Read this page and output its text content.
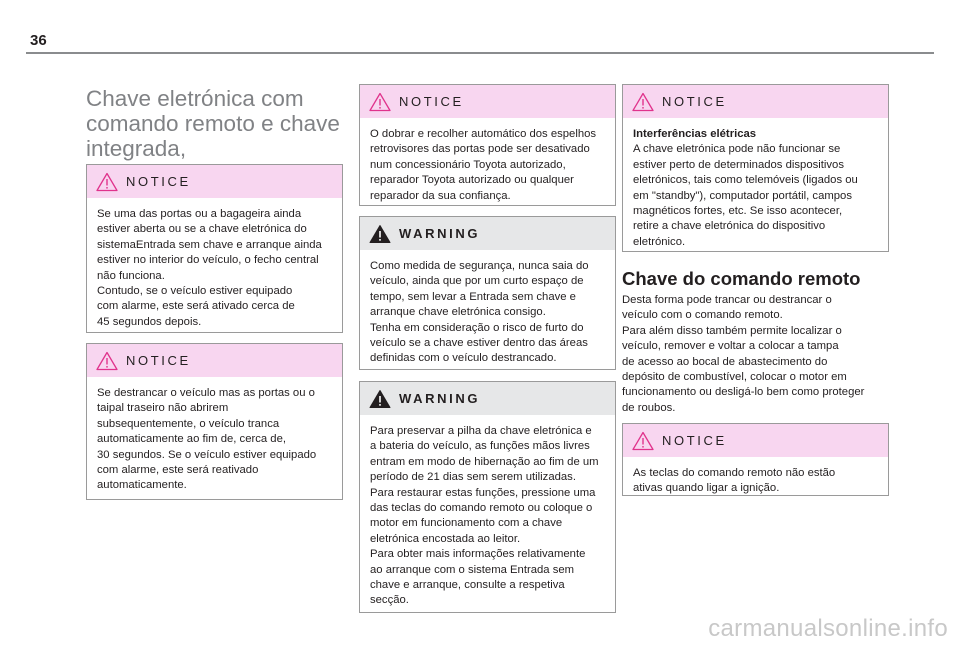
36
Chave eletrónica com
comando remoto e chave
integrada,
NOTICE

Se uma das portas ou a bagageira ainda

estiver aberta ou se a chave eletrónica do

sistemaEntrada sem chave e arranque ainda

estiver no interior do veículo, o fecho central

não funciona.

Contudo, se o veículo estiver equipado

com alarme, este será ativado cerca de

45 segundos depois.

NOTICE

Se destrancar o veículo mas as portas ou o

taipal traseiro não abrirem

subsequentemente, o veículo tranca

automaticamente ao fim de, cerca de,

30 segundos. Se o veículo estiver equipado

com alarme, este será reativado

automaticamente.

NOTICE

O dobrar e recolher automático dos espelhos

retrovisores das portas pode ser desativado

num concessionário Toyota autorizado,

reparador Toyota autorizado ou qualquer

reparador da sua confiança.

WARNING

Como medida de segurança, nunca saia do

veículo, ainda que por um curto espaço de

tempo, sem levar a Entrada sem chave e

arranque chave eletrónica consigo.

Tenha em consideração o risco de furto do

veículo se a chave estiver dentro das áreas

definidas com o veículo destrancado.

WARNING

Para preservar a pilha da chave eletrónica e

a bateria do veículo, as funções mãos livres

entram em modo de hibernação ao fim de um

período de 21 dias sem serem utilizadas.

Para restaurar estas funções, pressione uma

das teclas do comando remoto ou coloque o

motor em funcionamento com a chave

eletrónica encostada ao leitor.

Para obter mais informações relativamente

ao arranque com o sistema Entrada sem

chave e arranque, consulte a respetiva

secção.

NOTICE

Interferências elétricas

A chave eletrónica pode não funcionar se

estiver perto de determinados dispositivos

eletrónicos, tais como telemóveis (ligados ou

em "standby"), computador portátil, campos

magnéticos fortes, etc. Se isso acontecer,

retire a chave eletrónica do dispositivo

eletrónico.

Chave do comando remoto

Desta forma pode trancar ou destrancar o

veículo com o comando remoto.

Para além disso também permite localizar o

veículo, remover e voltar a colocar a tampa

de acesso ao bocal de abastecimento do

depósito de combustível, colocar o motor em

funcionamento ou desligá-lo bem como proteger

de roubos.

NOTICE

As teclas do comando remoto não estão

ativas quando ligar a ignição.

carmanualsonline.info
